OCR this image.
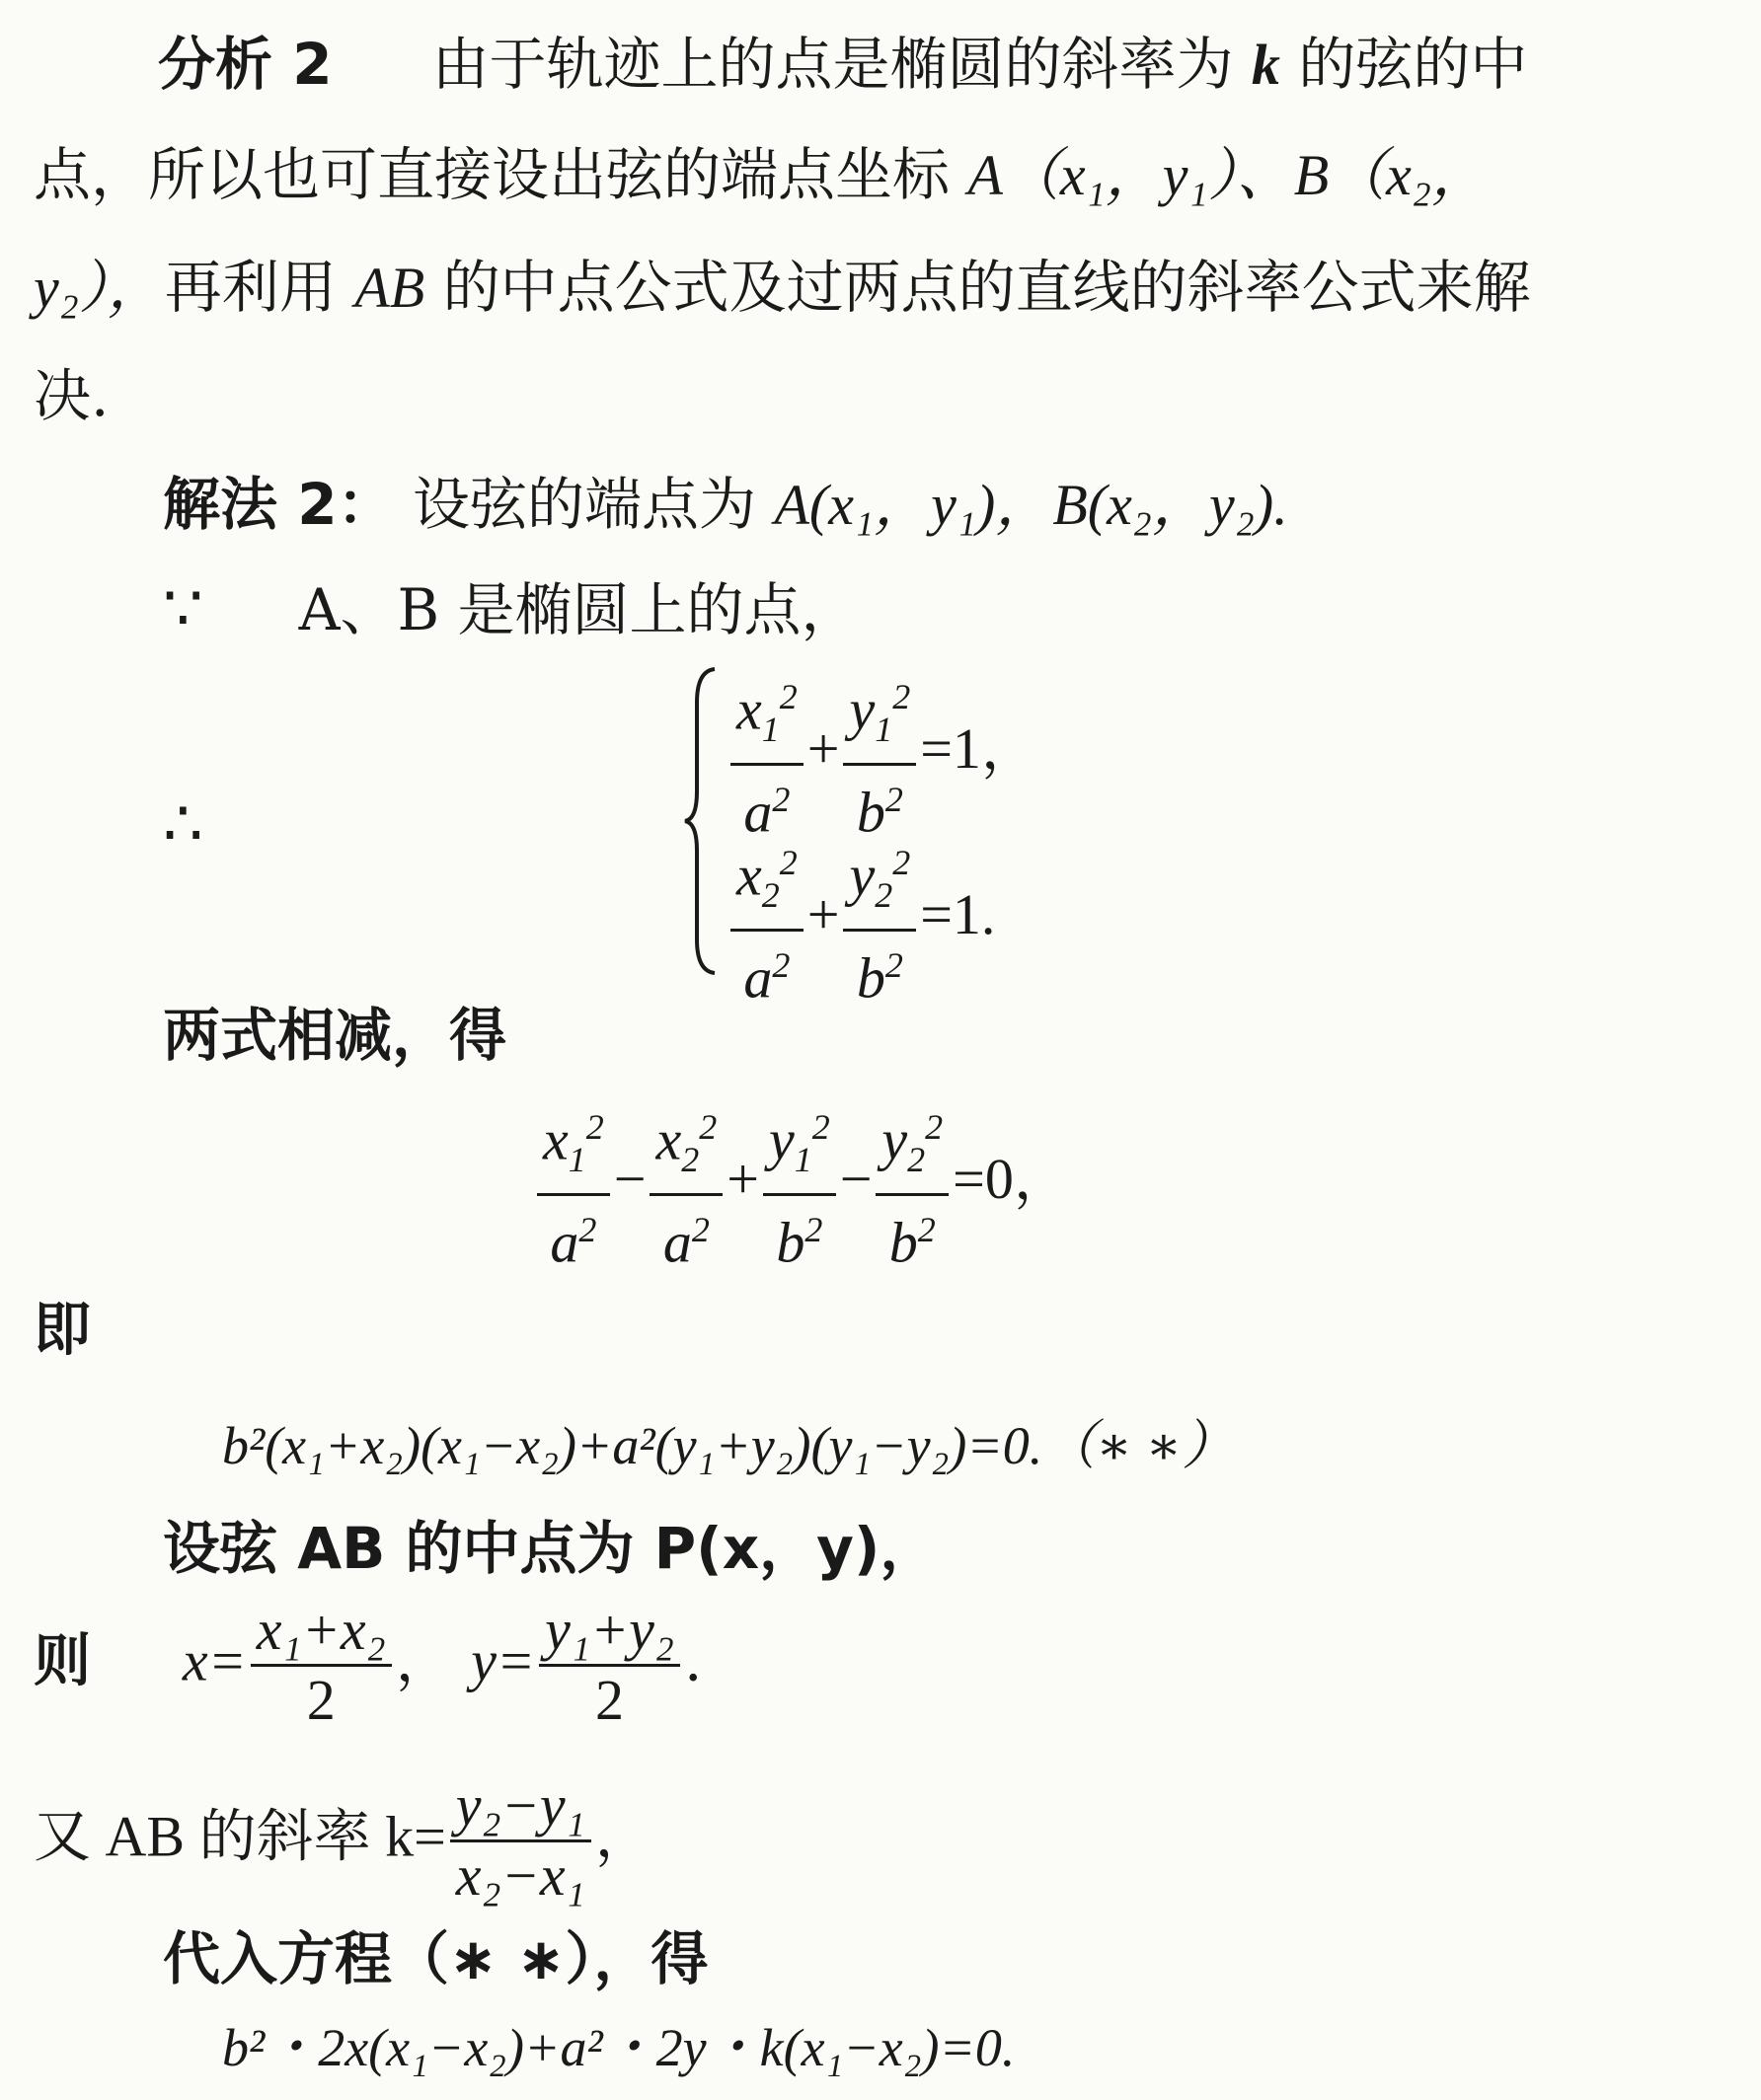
分析 2 由于轨迹上的点是椭圆的斜率为 k 的弦的中
点，所以也可直接设出弦的端点坐标 A（x₁，y₁）、B（x₂，
y₂），再利用 AB 的中点公式及过两点的直线的斜率公式来解
决.
解法 2： 设弦的端点为 A(x₁，y₁)，B(x₂，y₂).
∵ A、B 是椭圆上的点，
∴	$\frac{x_1^2}{a^2} + \frac{y_1^2}{b^2} =1$，
$\frac{x_2^2}{a^2} + \frac{y_2^2}{b^2} =1$.
两式相减，得
$\frac{x_1^2}{a^2} - \frac{x_2^2}{a^2} + \frac{y_1^2}{b^2} - \frac{y_2^2}{b^2} =0$，
即
b²(x₁+x₂)(x₁−x₂)+a²(y₁+y₂)(y₁−y₂)=0.（∗ ∗）
设弦 AB 的中点为 P(x，y)，
则 $x= \frac{\text{x₁+x₂}}{2}$ ， $y= \frac{\text{y₁+y₂}}{2}$ .
又 AB 的斜率 $k= \frac{\text{y₂−y₁}}{\text{x₂−x₁}}$ ，
代入方程（∗ ∗），得
b²・2x(x₁−x₂)+a²・2y・k(x₁−x₂)=0.
